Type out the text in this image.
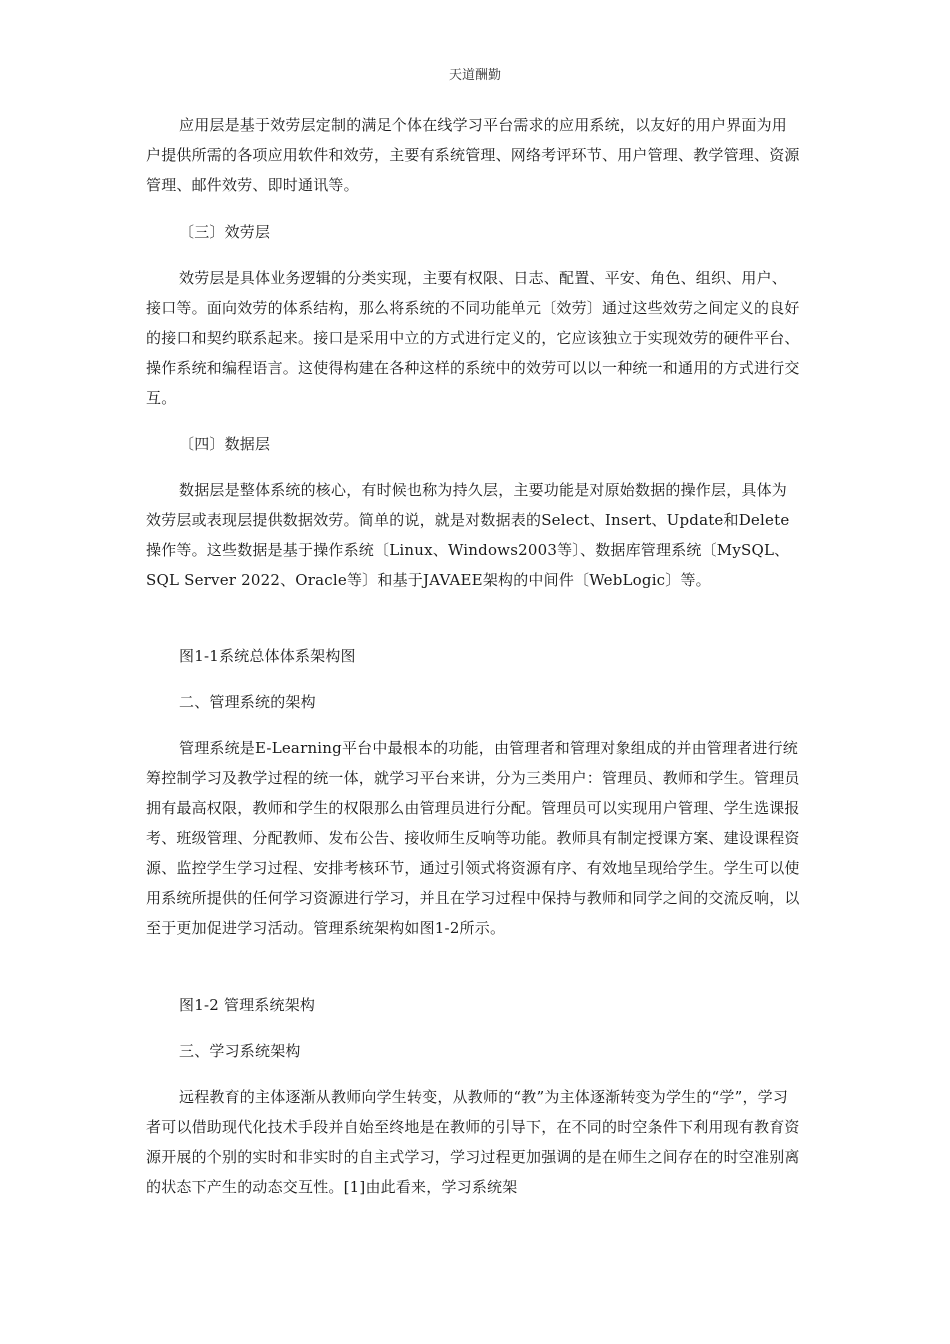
天道酬勤

应用层是基于效劳层定制的满足个体在线学习平台需求的应用系统，以友好的用户界面为用户提供所需的各项应用软件和效劳，主要有系统管理、网络考评环节、用户管理、教学管理、资源管理、邮件效劳、即时通讯等。

〔三〕效劳层

效劳层是具体业务逻辑的分类实现，主要有权限、日志、配置、平安、角色、组织、用户、接口等。面向效劳的体系结构，那么将系统的不同功能单元〔效劳〕通过这些效劳之间定义的良好的接口和契约联系起来。接口是采用中立的方式进行定义的，它应该独立于实现效劳的硬件平台、操作系统和编程语言。这使得构建在各种这样的系统中的效劳可以以一种统一和通用的方式进行交互。

〔四〕数据层

数据层是整体系统的核心，有时候也称为持久层，主要功能是对原始数据的操作层，具体为效劳层或表现层提供数据效劳。简单的说，就是对数据表的Select、Insert、Update和Delete操作等。这些数据是基于操作系统〔Linux、Windows2003等〕、数据库管理系统〔MySQL、SQL Server 2022、Oracle等〕和基于JAVAEE架构的中间件〔WebLogic〕等。

图1-1系统总体体系架构图

二、管理系统的架构

管理系统是E-Learning平台中最根本的功能，由管理者和管理对象组成的并由管理者进行统筹控制学习及教学过程的统一体，就学习平台来讲，分为三类用户：管理员、教师和学生。管理员拥有最高权限，教师和学生的权限那么由管理员进行分配。管理员可以实现用户管理、学生选课报考、班级管理、分配教师、发布公告、接收师生反响等功能。教师具有制定授课方案、建设课程资源、监控学生学习过程、安排考核环节，通过引领式将资源有序、有效地呈现给学生。学生可以使用系统所提供的任何学习资源进行学习，并且在学习过程中保持与教师和同学之间的交流反响，以至于更加促进学习活动。管理系统架构如图1-2所示。

图1-2 管理系统架构

三、学习系统架构

远程教育的主体逐渐从教师向学生转变，从教师的“教”为主体逐渐转变为学生的“学”，学习者可以借助现代化技术手段并自始至终地是在教师的引导下，在不同的时空条件下利用现有教育资源开展的个别的实时和非实时的自主式学习，学习过程更加强调的是在师生之间存在的时空准别离的状态下产生的动态交互性。[1]由此看来，学习系统架
